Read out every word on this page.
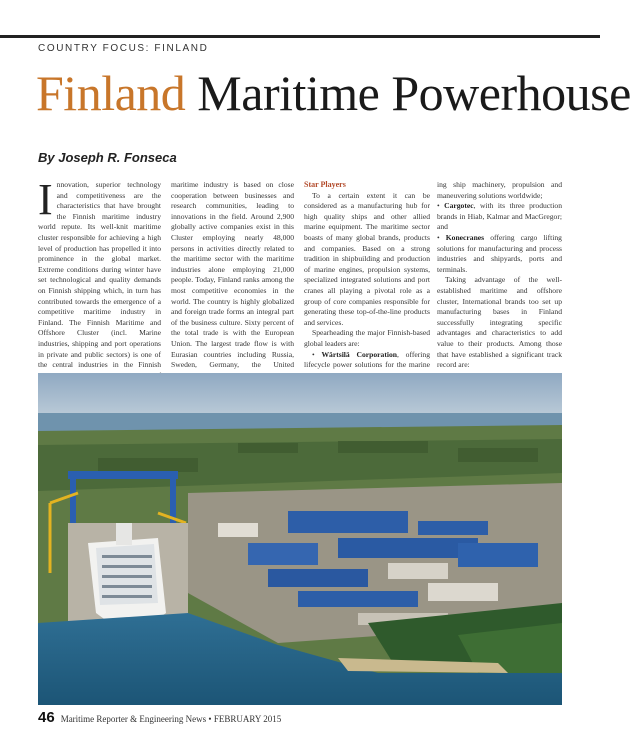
COUNTRY FOCUS: FINLAND
Finland Maritime Powerhouse
By Joseph R. Fonseca

Innovation, superior technology and competitiveness are the characteristics that have brought the Finnish maritime industry world repute. Its well-knit maritime cluster responsible for achieving a high level of production has propelled it into prominence in the global market. Extreme conditions during winter have set technological and quality demands on Finnish shipping which, in turn has contributed towards the emergence of a competitive maritime industry in Finland. The Finnish Maritime and Offshore Cluster (incl. Marine industries, shipping and port operations in private and public sectors) is one of the central industries in the Finnish

maritime industry is based on close cooperation between businesses and research communities, leading to innovations in the field. Around 2,900 globally active companies exist in this Cluster employing nearly 48,000 persons in activities directly related to the maritime sector with the maritime industries alone employing 21,000 people. Today, Finland ranks among the most competitive economies in the world. The country is highly globalized and foreign trade forms an integral part of the business culture. Sixty percent of the total trade is with the European Union. The largest trade flow is with Eurasian countries including Russia, Sweden, Germany, the United

Star Players

To a certain extent it can be considered as a manufacturing hub for high quality ships and other allied marine equipment. The maritime sector boasts of many global brands, products and companies. Based on a strong tradition in shipbuilding and production of marine engines, propulsion systems, specialized integrated solutions and port cranes all playing a pivotal role as a group of core companies responsible for generating these top-of-the-line products and services.

Spearheading the major Finnish-based global leaders are:

• Wärtsilä Corporation, offering lifecycle power solutions for the marine

ing ship machinery, propulsion and maneuvering solutions worldwide;

• Cargotec, with its three production brands in Hiab, Kalmar and MacGregor; and

• Konecranes offering cargo lifting solutions for manufacturing and process industries and shipyards, ports and terminals.

Taking advantage of the well-established maritime and offshore cluster, International brands too set up manufacturing bases in Finland successfully integrating specific advantages and characteristics to add value to their products. Among those that have established a significant track record are:

46 Maritime Reporter & Engineering News • FEBRUARY 2015
